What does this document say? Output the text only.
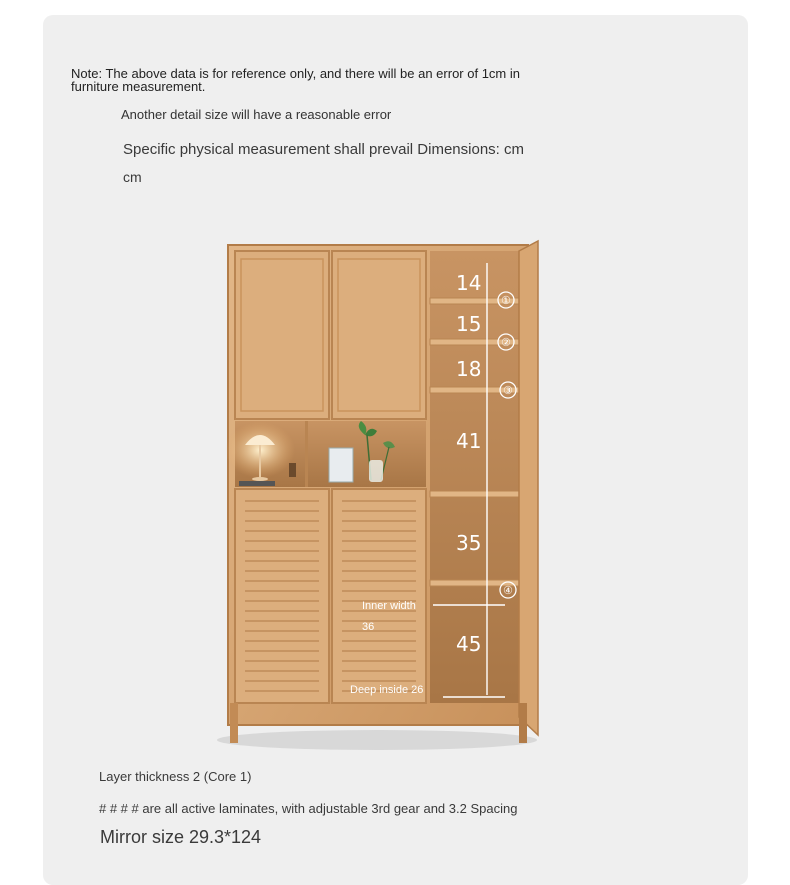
Note: The above data is for reference only, and there will be an error of 1cm in
furniture measurement.
Another detail size will have a reasonable error
Specific physical measurement shall prevail Dimensions: cm
cm
14
15
18
41
35
45
①
②
③
④
Inner width
36
Deep inside 26
Layer thickness 2 (Core 1)
# # # # are all active laminates, with adjustable 3rd gear and 3.2 Spacing
Mirror size 29.3*124
